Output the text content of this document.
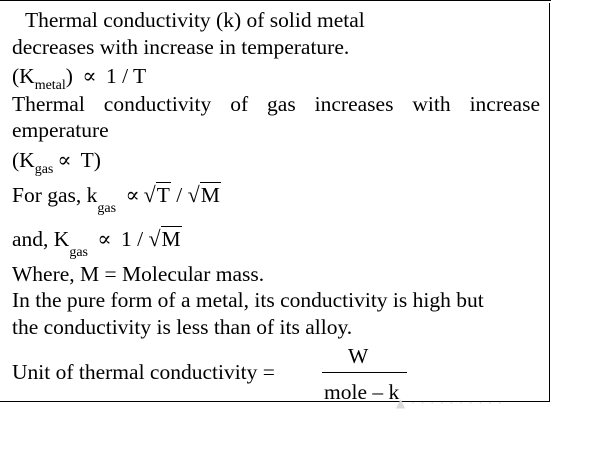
Thermal conductivity (k) of solid metal
decreases with increase in temperature.
$(K_{metal}) \propto 1 / T$
Thermal conductivity of gas increases with increase
emperature
$(K_{gas} \propto T)$
For gas, $k_{gas} \propto √T / √M$
and, $K_{gas} \propto 1 / √M$
Where, M = Molecular mass.
In the pure form of a metal, its conductivity is high but
the conductivity is less than of its alloy.
Unit of thermal conductivity =
W
mole – k
▲ · · · · · · · · · ·
